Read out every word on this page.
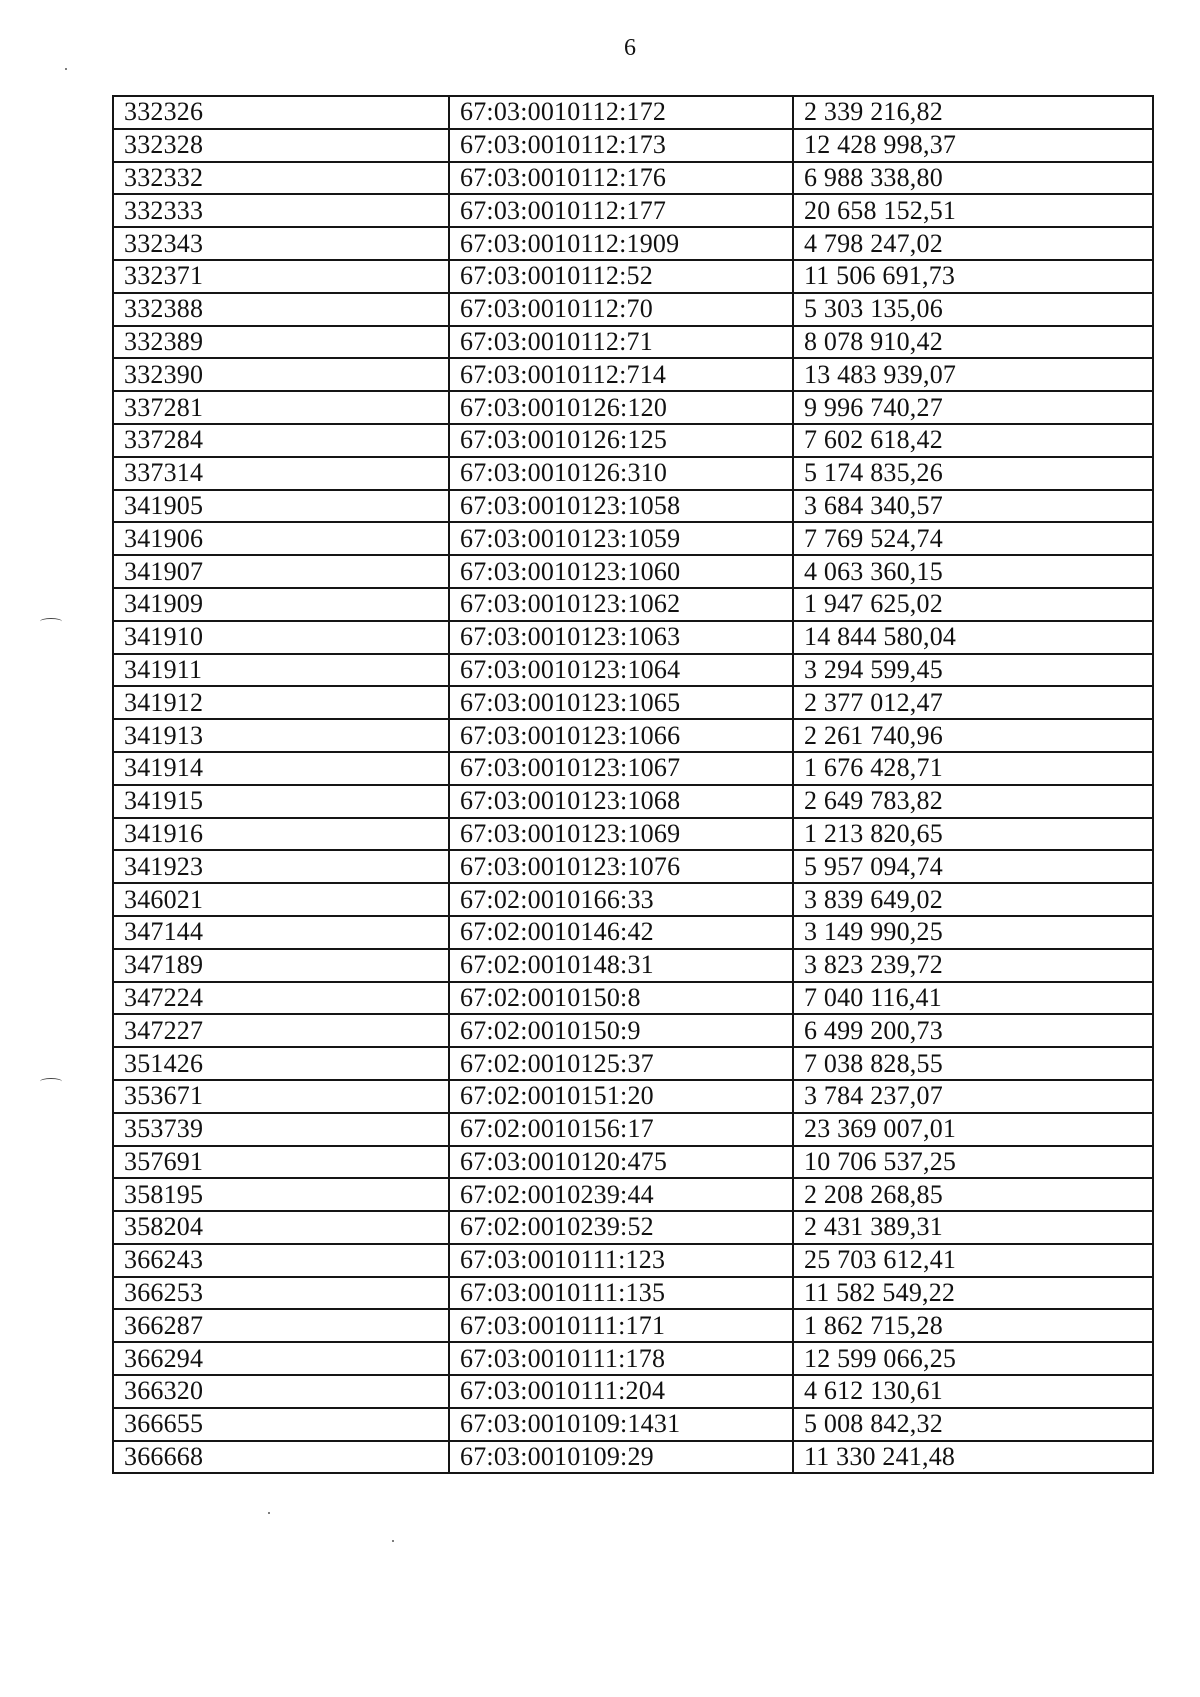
6
332326	67:03:0010112:172	2 339 216,82
332328	67:03:0010112:173	12 428 998,37
332332	67:03:0010112:176	6 988 338,80
332333	67:03:0010112:177	20 658 152,51
332343	67:03:0010112:1909	4 798 247,02
332371	67:03:0010112:52	11 506 691,73
332388	67:03:0010112:70	5 303 135,06
332389	67:03:0010112:71	8 078 910,42
332390	67:03:0010112:714	13 483 939,07
337281	67:03:0010126:120	9 996 740,27
337284	67:03:0010126:125	7 602 618,42
337314	67:03:0010126:310	5 174 835,26
341905	67:03:0010123:1058	3 684 340,57
341906	67:03:0010123:1059	7 769 524,74
341907	67:03:0010123:1060	4 063 360,15
341909	67:03:0010123:1062	1 947 625,02
341910	67:03:0010123:1063	14 844 580,04
341911	67:03:0010123:1064	3 294 599,45
341912	67:03:0010123:1065	2 377 012,47
341913	67:03:0010123:1066	2 261 740,96
341914	67:03:0010123:1067	1 676 428,71
341915	67:03:0010123:1068	2 649 783,82
341916	67:03:0010123:1069	1 213 820,65
341923	67:03:0010123:1076	5 957 094,74
346021	67:02:0010166:33	3 839 649,02
347144	67:02:0010146:42	3 149 990,25
347189	67:02:0010148:31	3 823 239,72
347224	67:02:0010150:8	7 040 116,41
347227	67:02:0010150:9	6 499 200,73
351426	67:02:0010125:37	7 038 828,55
353671	67:02:0010151:20	3 784 237,07
353739	67:02:0010156:17	23 369 007,01
357691	67:03:0010120:475	10 706 537,25
358195	67:02:0010239:44	2 208 268,85
358204	67:02:0010239:52	2 431 389,31
366243	67:03:0010111:123	25 703 612,41
366253	67:03:0010111:135	11 582 549,22
366287	67:03:0010111:171	1 862 715,28
366294	67:03:0010111:178	12 599 066,25
366320	67:03:0010111:204	4 612 130,61
366655	67:03:0010109:1431	5 008 842,32
366668	67:03:0010109:29	11 330 241,48
